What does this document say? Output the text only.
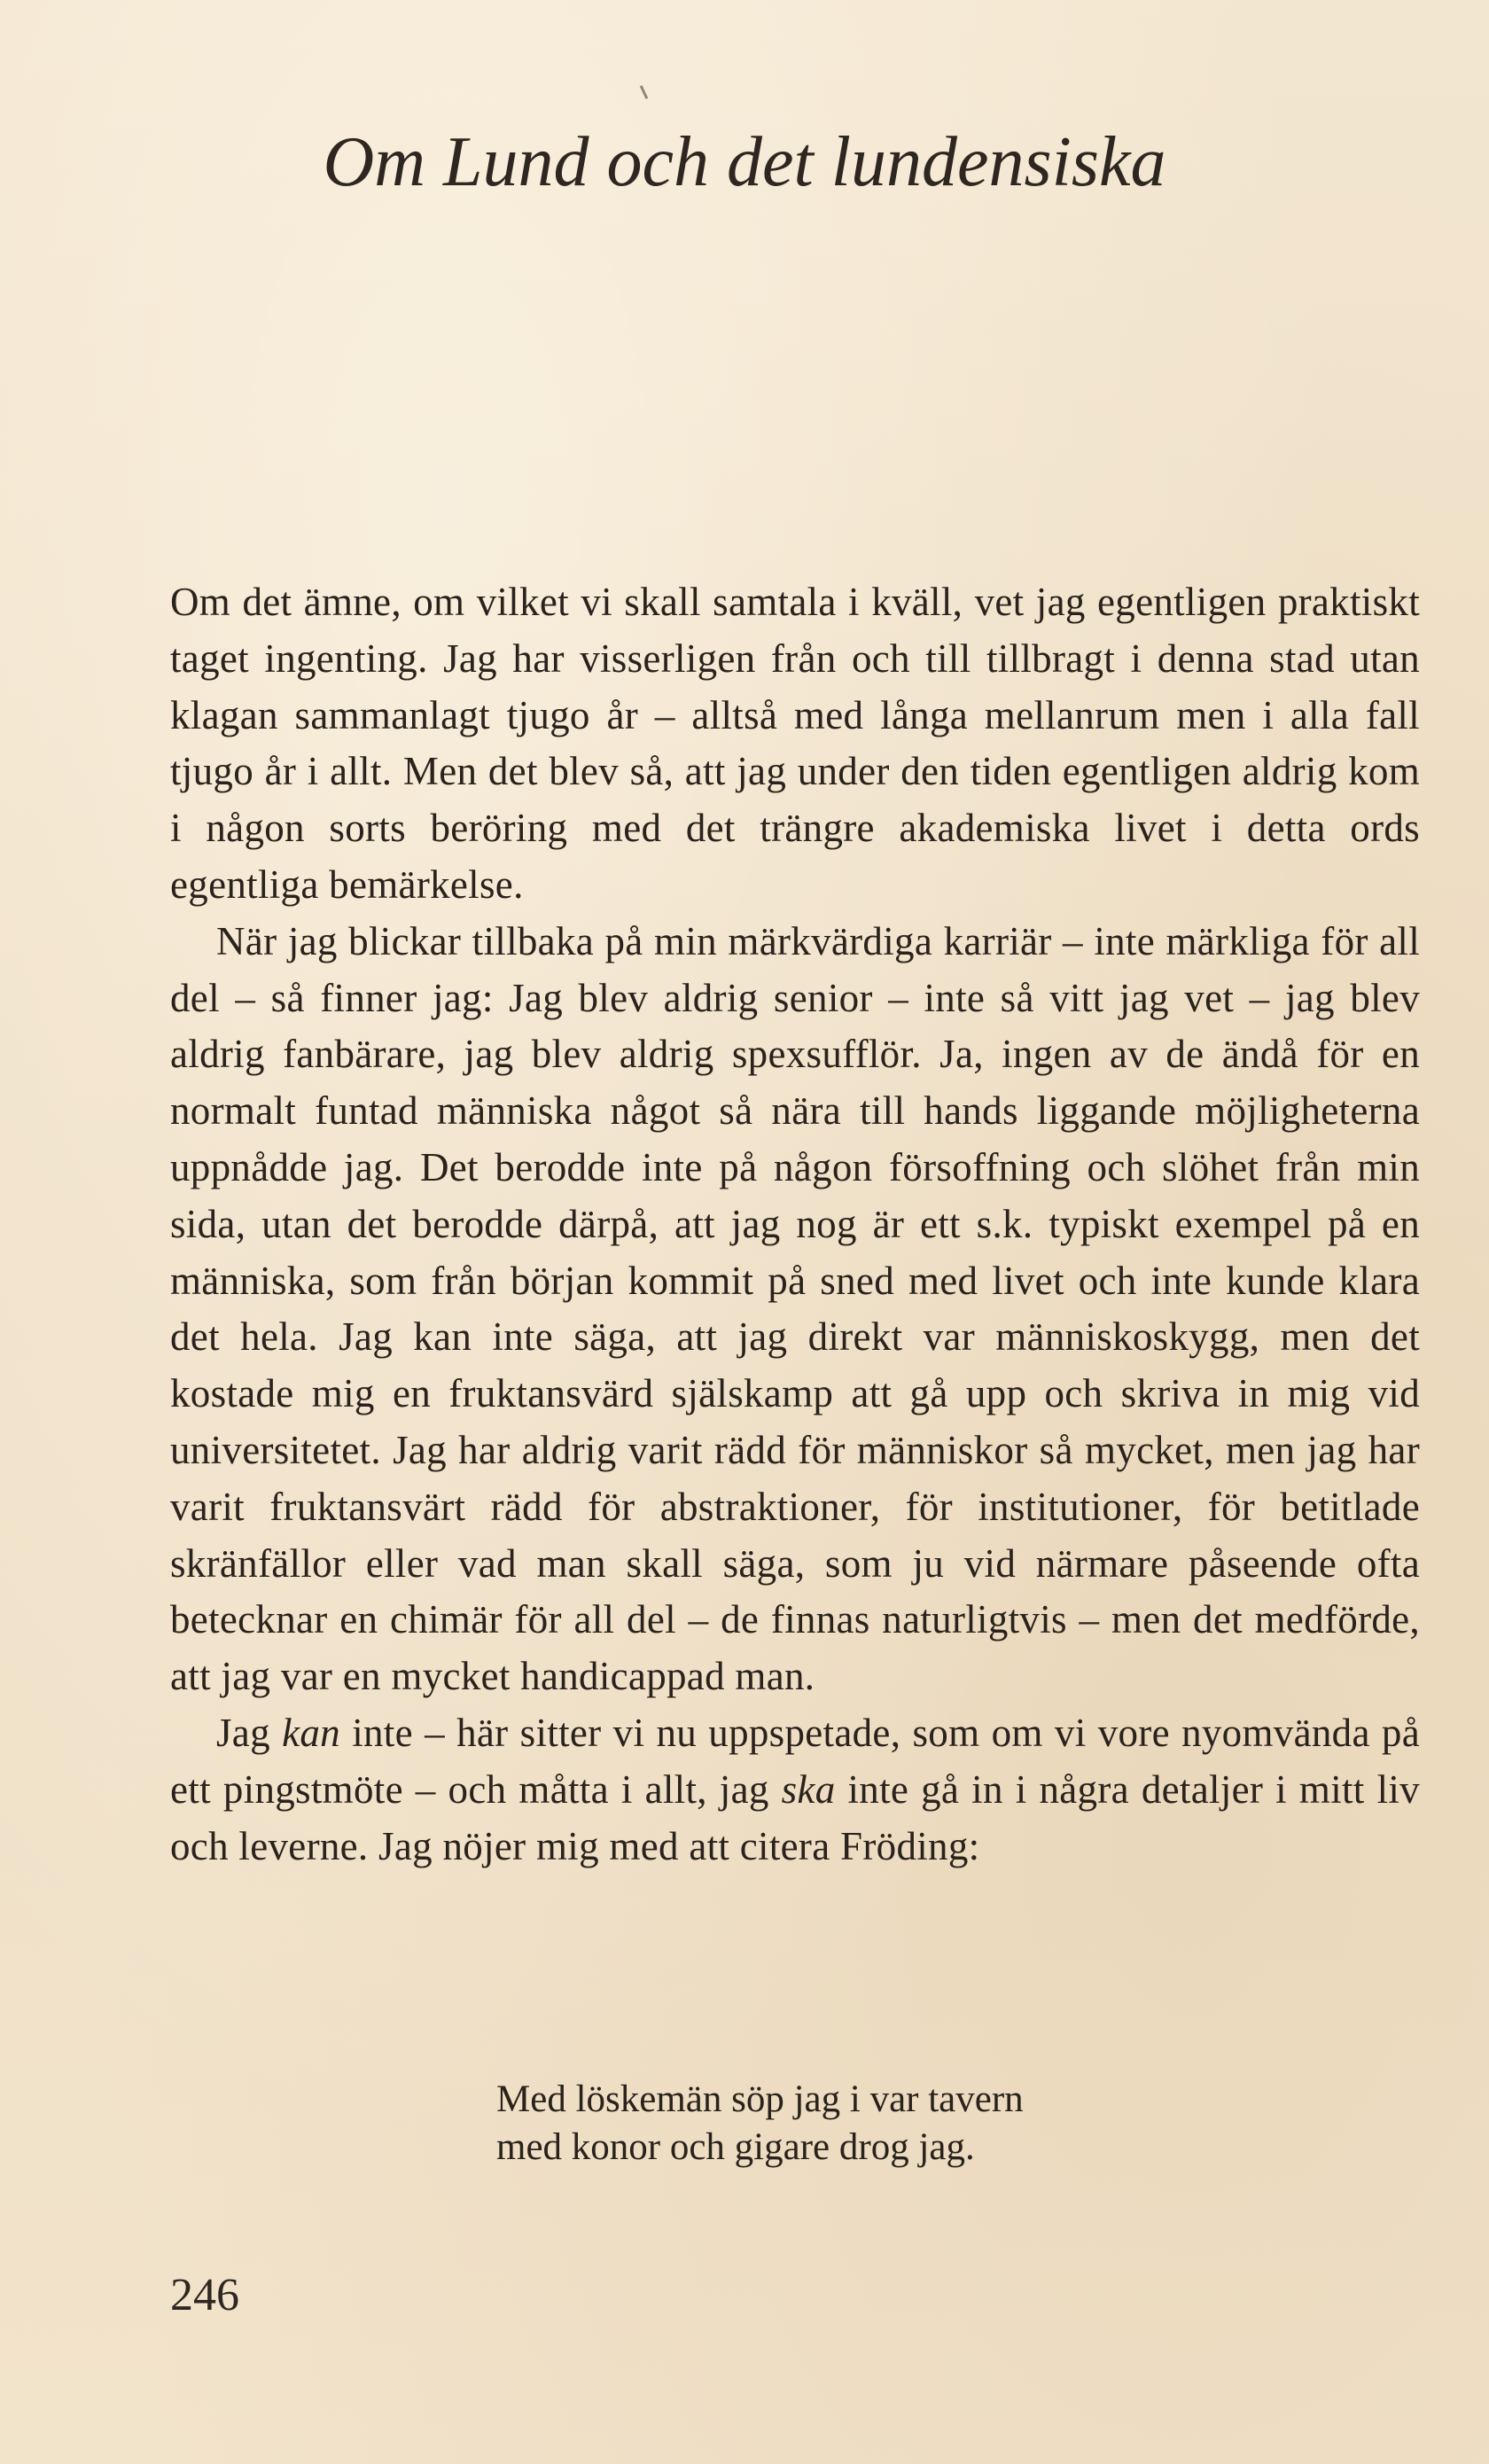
Om Lund och det lundensiska

Om det ämne, om vilket vi skall samtala i kväll, vet jag egentligen praktiskt taget ingenting. Jag har visserligen från och till tillbragt i denna stad utan klagan sammanlagt tjugo år – alltså med långa mellanrum men i alla fall tjugo år i allt. Men det blev så, att jag under den tiden egentligen aldrig kom i någon sorts beröring med det trängre akademiska livet i detta ords egentliga bemärkelse.

När jag blickar tillbaka på min märkvärdiga karriär – inte märkliga för all del – så finner jag: Jag blev aldrig senior – inte så vitt jag vet – jag blev aldrig fanbärare, jag blev aldrig spexsufflör. Ja, ingen av de ändå för en normalt funtad människa något så nära till hands liggande möjligheterna uppnådde jag. Det berodde inte på någon försoffning och slöhet från min sida, utan det berodde därpå, att jag nog är ett s.k. typiskt exempel på en människa, som från början kommit på sned med livet och inte kunde klara det hela. Jag kan inte säga, att jag direkt var människoskygg, men det kostade mig en fruktansvärd själskamp att gå upp och skriva in mig vid universitetet. Jag har aldrig varit rädd för människor så mycket, men jag har varit fruktansvärt rädd för abstraktioner, för institutioner, för betitlade skränfällor eller vad man skall säga, som ju vid närmare påseende ofta betecknar en chimär för all del – de finnas naturligtvis – men det medförde, att jag var en mycket handicappad man.

Jag kan inte – här sitter vi nu uppspetade, som om vi vore nyomvända på ett pingstmöte – och måtta i allt, jag ska inte gå in i några detaljer i mitt liv och leverne. Jag nöjer mig med att citera Fröding:

Med löskemän söp jag i var tavern
med konor och gigare drog jag.
246
